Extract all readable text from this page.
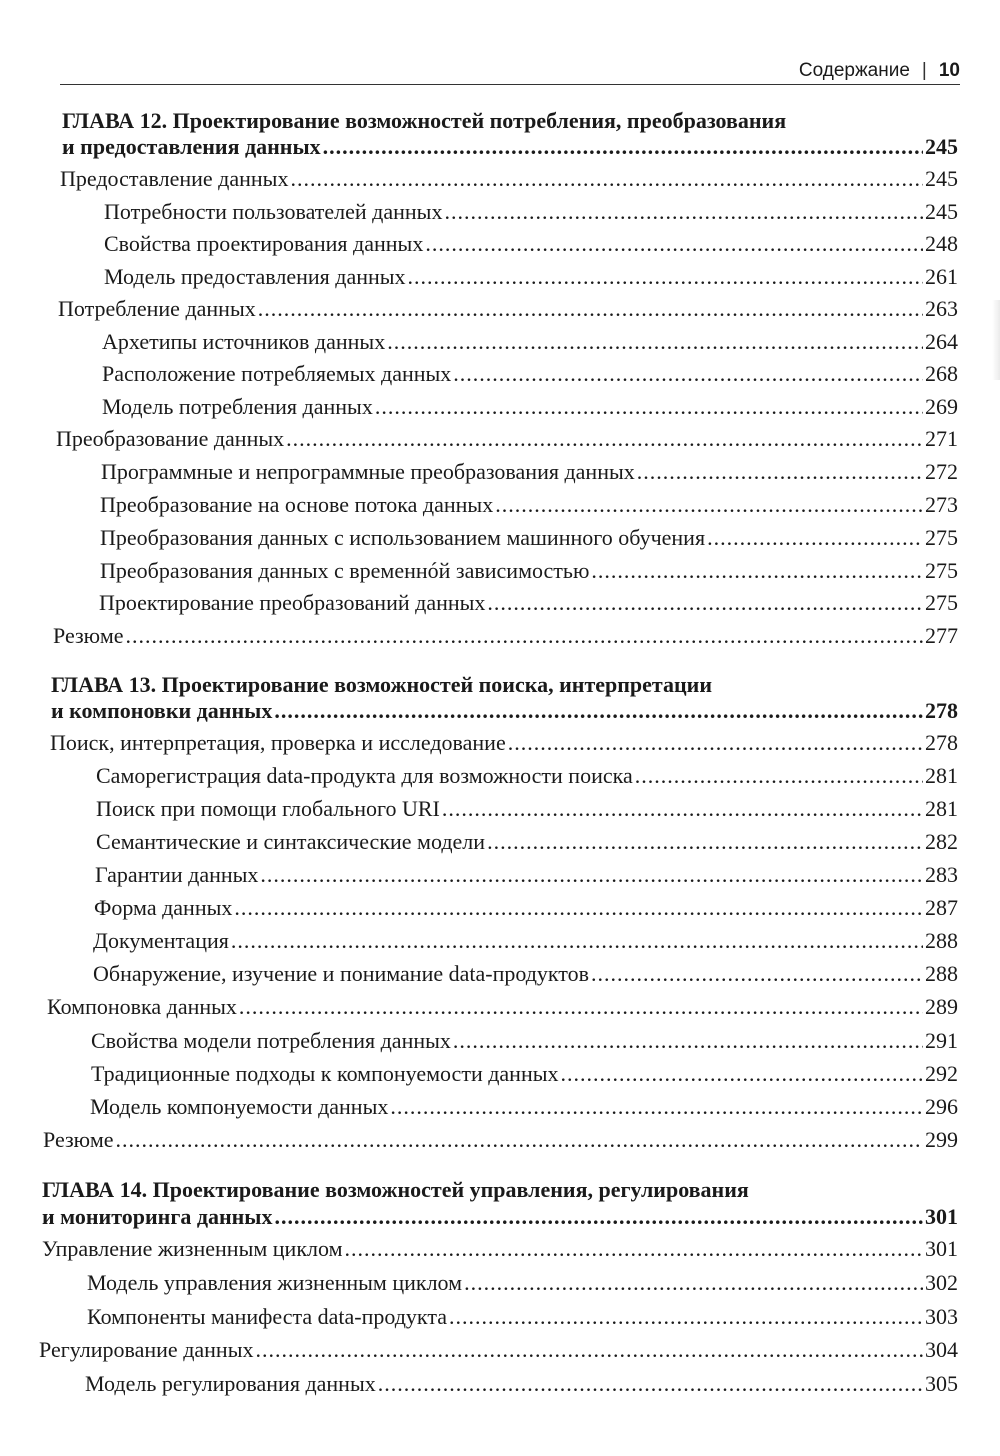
Содержание | 10
ГЛАВА 12. Проектирование возможностей потребления, преобразования
и предоставления данных .....	245
Предоставление данных .....	245
Потребности пользователей данных .....	245
Свойства проектирования данных .....	248
Модель предоставления данных .....	261
Потребление данных .....	263
Архетипы источников данных .....	264
Расположение потребляемых данных .....	268
Модель потребления данных .....	269
Преобразование данных .....	271
Программные и непрограммные преобразования данных .....	272
Преобразование на основе потока данных .....	273
Преобразования данных с использованием машинного обучения .....	275
Преобразования данных с временнóй зависимостью .....	275
Проектирование преобразований данных .....	275
Резюме .....	277
ГЛАВА 13. Проектирование возможностей поиска, интерпретации
и компоновки данных .....	278
Поиск, интерпретация, проверка и исследование .....	278
Саморегистрация data-продукта для возможности поиска .....	281
Поиск при помощи глобального URI .....	281
Семантические и синтаксические модели .....	282
Гарантии данных .....	283
Форма данных .....	287
Документация .....	288
Обнаружение, изучение и понимание data-продуктов .....	288
Компоновка данных .....	289
Свойства модели потребления данных .....	291
Традиционные подходы к компонуемости данных .....	292
Модель компонуемости данных .....	296
Резюме .....	299
ГЛАВА 14. Проектирование возможностей управления, регулирования
и мониторинга данных .....	301
Управление жизненным циклом .....	301
Модель управления жизненным циклом .....	302
Компоненты манифеста data-продукта .....	303
Регулирование данных .....	304
Модель регулирования данных .....	305
